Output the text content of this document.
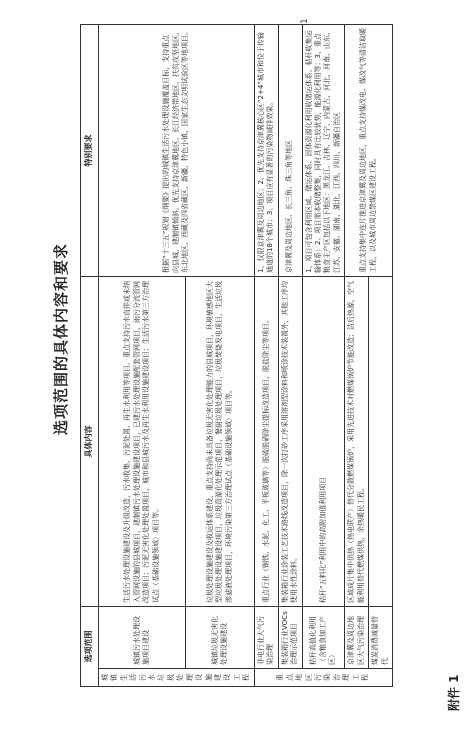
附件 1
选项范围的具体内容和要求
选项范围		具体内容	特别要求
城镇生活污水垃圾处理设施建设工程	城镇污水处理设施项目建设	生活污水处理设施建设及升级改造，污水收集、污泥处置、再生水利用等项目。重点支持污水直排或未纳入管网设施的县城项目，建制镇污水处理设施建设项目，已建污水处理设施配套管网项目，雨污分流管网改造项目；污泥无害化处理处置项目，城市和县城污水及再生水利用设施建设项目；生活污水第三方治理试点（基础设施领域）项目等。	根据“十三五”规划《纲要》提出的城镇生活污水处理设施覆盖目标，支持重点向县城、建制镇倾斜。优先支持京津冀地区、长江经济带地区、扶贫攻坚地区、东北地区、西藏及四省藏区、新疆，特色小镇、国家生态文明试验区等地项目。
	城镇垃圾无害化处理设施建设	垃圾处理设施建设及收运体系建设，重点支持尚未具备垃圾无害化处理能力的县城项目，环境敏感地区大型垃圾处理设施建设项目，垃圾资源化处理示范项目，餐厨垃圾处理项目，垃圾焚烧发电项目，生活垃圾渗滤液处理项目，环境污染第三方治理试点（基础设施领域）项目等。	
重点地区污染治理工程	非电行业大气污染治理	重点行业（钢铁、水泥、化工、平板玻璃等）脱硫脱硝除尘提标改造项目，脱盐除尘等项目。	1、仅限京津冀及周边地区；2、优先支持京津冀核心区“2+4”城市和位于传输通道的18个城市；3、项目应有显著的污染物减排效果。
	集装箱行业VOCs治理示范项目	集装箱行业涂装工艺技术路线改造项目，除一次打砂工序采用溶剂型涂料和喷涂技术装置外，其他工序均使用水性涂料。	京津冀及周边地区、长三角、珠三角等地区
	秸秆高值化利用（含粮食加工产区）	秸秆“五料化”利用中的高附加值利用项目	1、项目可包含利用区域、储运体系、固体资源化利用收储运体系、秸秆收集运输体系；2、项目需本收储整集，同时具有比较优势，能源化利用等；3、重点粮食主产区包括以下地区：黑龙江、吉林、辽宁、内蒙古、河北、河南、山东、江苏、安徽、湖南、湖北、江西、四川、新疆自治区
	京津冀及周边地区大气污染治理	区域成片集中供热（热电联产）替代分散燃煤锅炉，采用先进技术对燃煤锅炉节能改造；洁后热源，空气能利用替代燃煤供热，余热暖民工程。	重点支持集中连片推进京津冀及周边地区，重点支持煤改电、煤改气等清洁取暖工程，以及城市周边禁煤区建设工程。
	煤炭消费减量替代		
1
